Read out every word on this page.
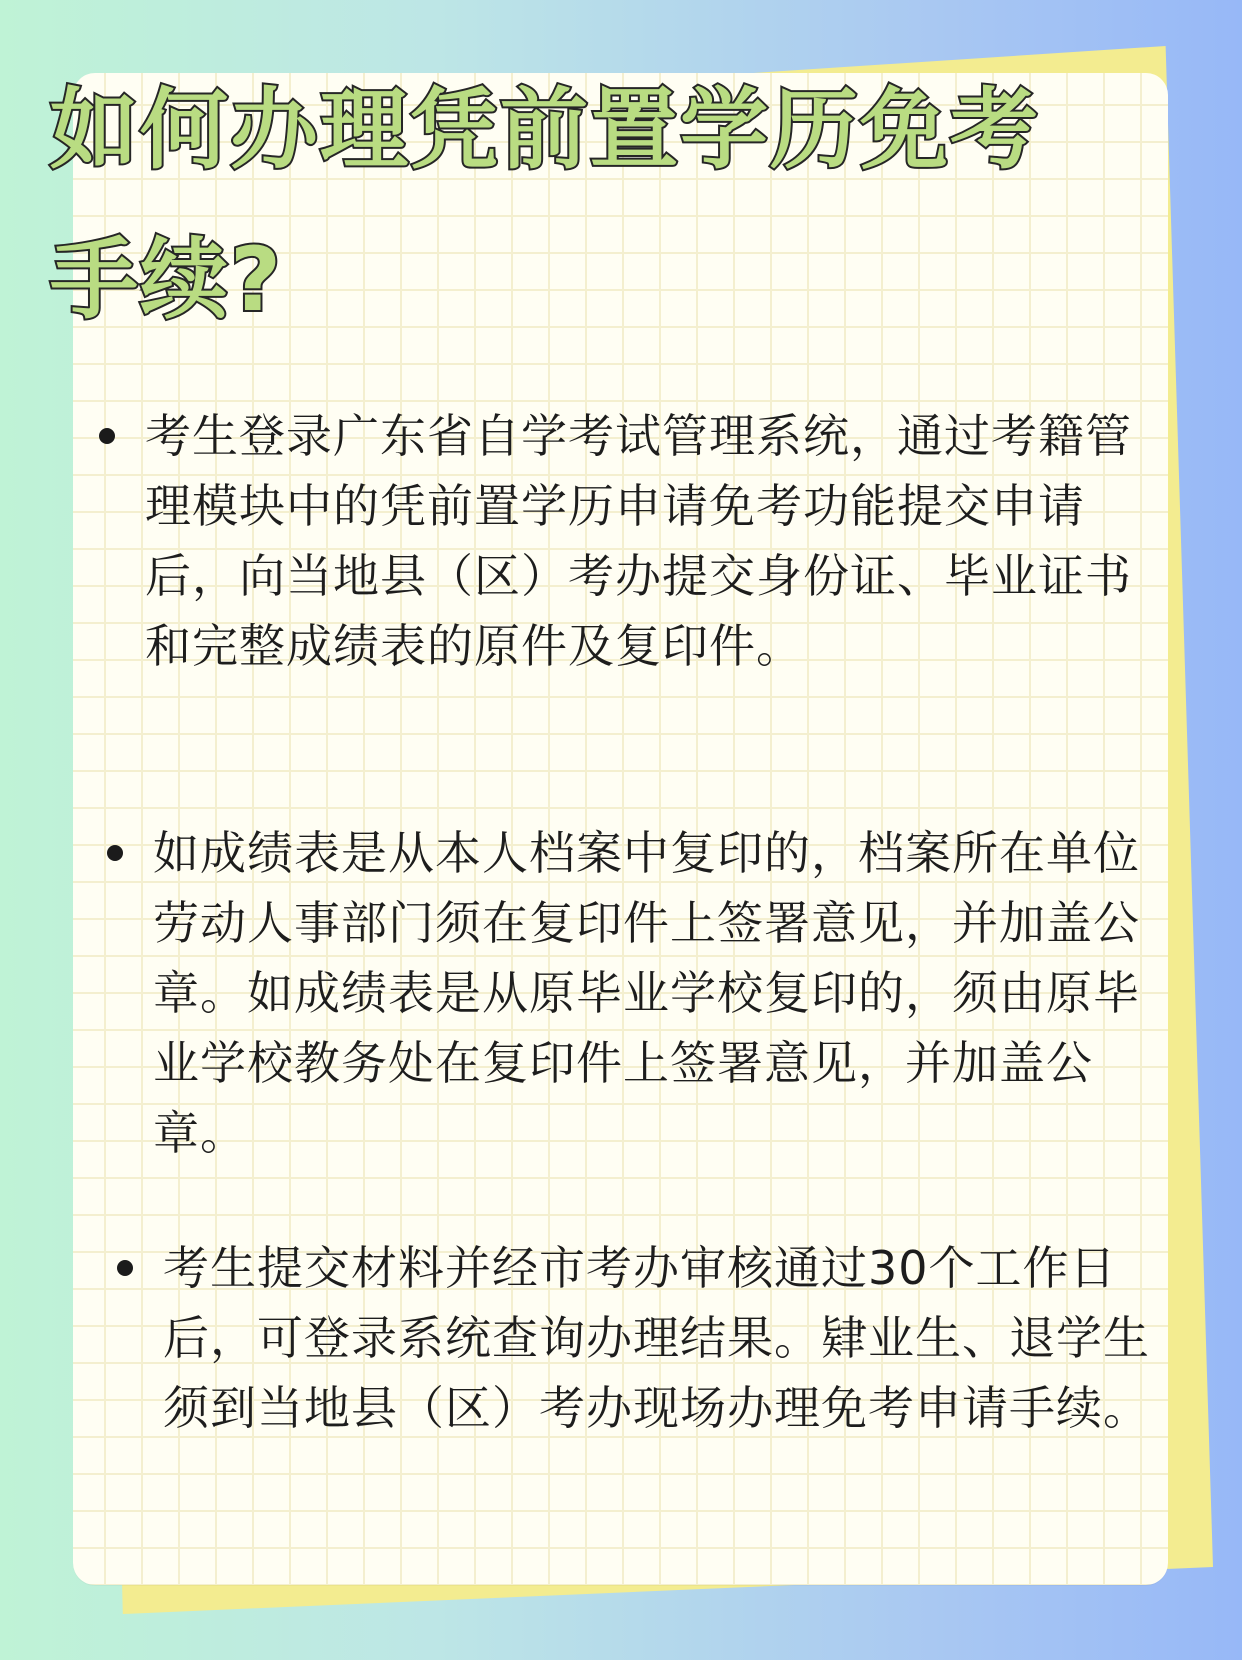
如何办理凭前置学历免考手续?

考生登录广东省自学考试管理系统，通过考籍管理模块中的凭前置学历申请免考功能提交申请后，向当地县（区）考办提交身份证、毕业证书和完整成绩表的原件及复印件。

如成绩表是从本人档案中复印的，档案所在单位劳动人事部门须在复印件上签署意见，并加盖公章。如成绩表是从原毕业学校复印的，须由原毕业学校教务处在复印件上签署意见，并加盖公章。

考生提交材料并经市考办审核通过30个工作日后，可登录系统查询办理结果。肄业生、退学生须到当地县（区）考办现场办理免考申请手续。
